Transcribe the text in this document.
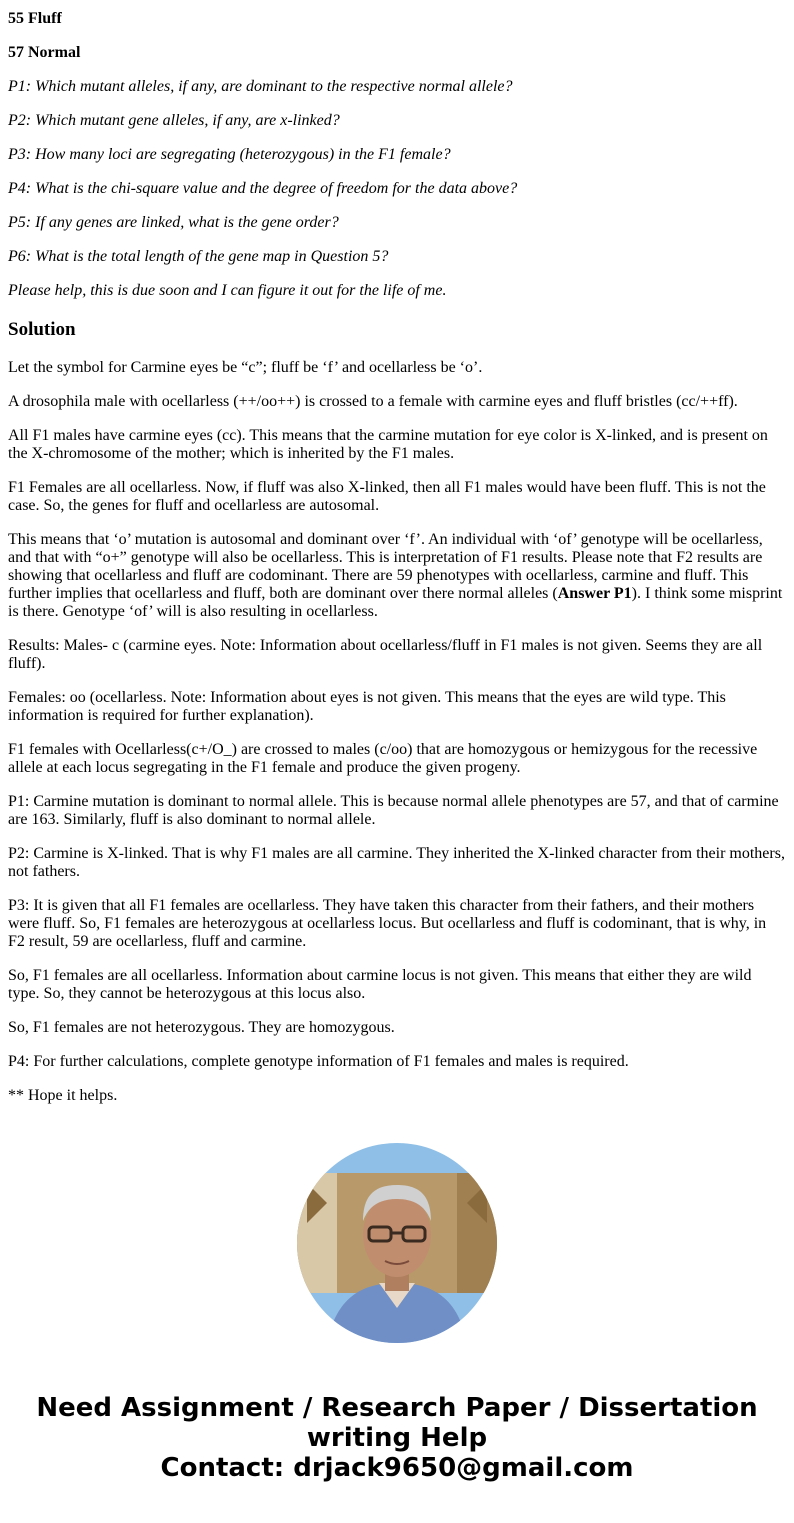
55 Fluff

57 Normal

P1: Which mutant alleles, if any, are dominant to the respective normal allele?

P2: Which mutant gene alleles, if any, are x-linked?

P3: How many loci are segregating (heterozygous) in the F1 female?

P4: What is the chi-square value and the degree of freedom for the data above?

P5: If any genes are linked, what is the gene order?

P6: What is the total length of the gene map in Question 5?

Please help, this is due soon and I can figure it out for the life of me.

Solution

Let the symbol for Carmine eyes be “c”; fluff be ‘f’ and ocellarless be ‘o’.

A drosophila male with ocellarless (++/oo++) is crossed to a female with carmine eyes and fluff bristles (cc/++ff).

All F1 males have carmine eyes (cc). This means that the carmine mutation for eye color is X-linked, and is present on the X-chromosome of the mother; which is inherited by the F1 males.

F1 Females are all ocellarless. Now, if fluff was also X-linked, then all F1 males would have been fluff. This is not the case. So, the genes for fluff and ocellarless are autosomal.

This means that ‘o’ mutation is autosomal and dominant over ‘f’. An individual with ‘of’ genotype will be ocellarless, and that with “o+” genotype will also be ocellarless. This is interpretation of F1 results. Please note that F2 results are showing that ocellarless and fluff are codominant. There are 59 phenotypes with ocellarless, carmine and fluff. This further implies that ocellarless and fluff, both are dominant over there normal alleles (Answer P1). I think some misprint is there. Genotype ‘of’ will is also resulting in ocellarless.

Results: Males- c (carmine eyes. Note: Information about ocellarless/fluff in F1 males is not given. Seems they are all fluff).

Females: oo (ocellarless. Note: Information about eyes is not given. This means that the eyes are wild type. This information is required for further explanation).

F1 females with Ocellarless(c+/O_) are crossed to males (c/oo) that are homozygous or hemizygous for the recessive allele at each locus segregating in the F1 female and produce the given progeny.

P1: Carmine mutation is dominant to normal allele. This is because normal allele phenotypes are 57, and that of carmine are 163. Similarly, fluff is also dominant to normal allele.

P2: Carmine is X-linked. That is why F1 males are all carmine. They inherited the X-linked character from their mothers, not fathers.

P3: It is given that all F1 females are ocellarless. They have taken this character from their fathers, and their mothers were fluff. So, F1 females are heterozygous at ocellarless locus. But ocellarless and fluff is codominant, that is why, in F2 result, 59 are ocellarless, fluff and carmine.

So, F1 females are all ocellarless. Information about carmine locus is not given. This means that either they are wild type. So, they cannot be heterozygous at this locus also.

So, F1 females are not heterozygous. They are homozygous.

P4: For further calculations, complete genotype information of F1 females and males is required.

** Hope it helps.

Need Assignment / Research Paper / Dissertation
writing Help
Contact: drjack9650@gmail.com
